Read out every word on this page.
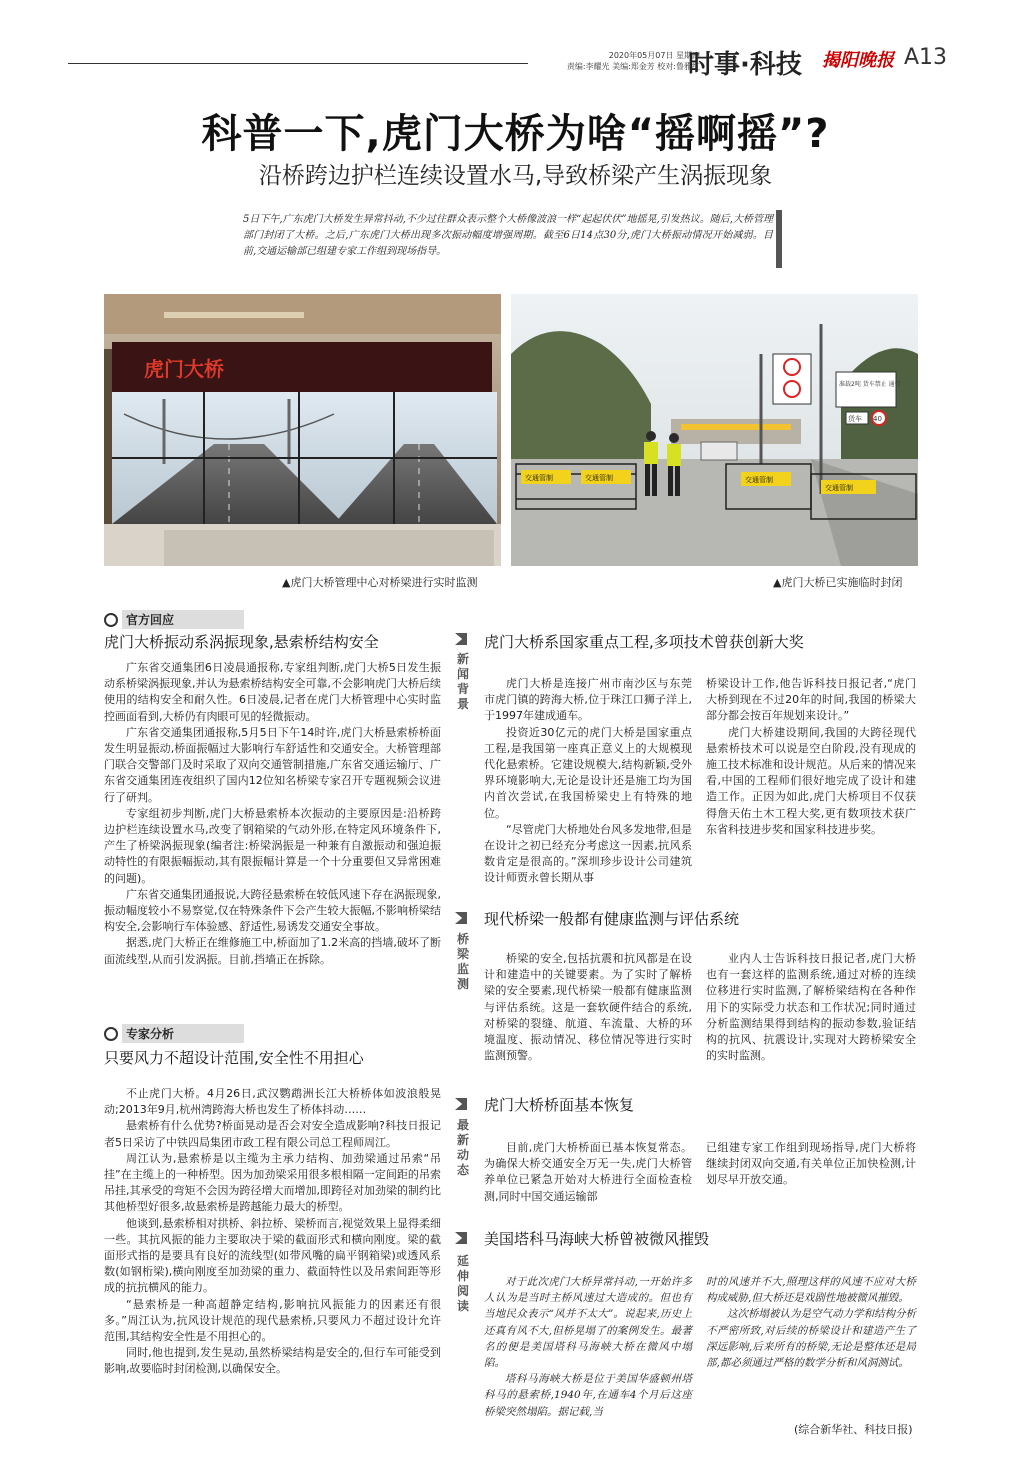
2020年05月07日 星期四
责编:李耀光 美编:郑金芳 校对:鲁雅红
时事·科技 揭阳晚报 A13
科普一下,虎门大桥为啥“摇啊摇”?
沿桥跨边护栏连续设置水马,导致桥梁产生涡振现象
5日下午,广东虎门大桥发生异常抖动,不少过往群众表示整个大桥像波浪一样“起起伏伏”地摇晃,引发热议。随后,大桥管理部门封闭了大桥。之后,广东虎门大桥出现多次振动幅度增强周期。截至6日14点30分,虎门大桥振动情况开始减弱。目前,交通运输部已组建专家工作组到现场指导。
虎门大桥
▲虎门大桥管理中心对桥梁进行实时监测
准载2吨 货车禁止 通行
货车 40
交通管制	交通管制	交通管制
交通管制
▲虎门大桥已实施临时封闭
官方回应
虎门大桥振动系涡振现象,悬索桥结构安全

广东省交通集团6日凌晨通报称,专家组判断,虎门大桥5日发生振动系桥梁涡振现象,并认为悬索桥结构安全可靠,不会影响虎门大桥后续使用的结构安全和耐久性。6日凌晨,记者在虎门大桥管理中心实时监控画面看到,大桥仍有肉眼可见的轻微振动。

广东省交通集团通报称,5月5日下午14时许,虎门大桥悬索桥桥面发生明显振动,桥面振幅过大影响行车舒适性和交通安全。大桥管理部门联合交警部门及时采取了双向交通管制措施,广东省交通运输厅、广东省交通集团连夜组织了国内12位知名桥梁专家召开专题视频会议进行了研判。

专家组初步判断,虎门大桥悬索桥本次振动的主要原因是:沿桥跨边护栏连续设置水马,改变了钢箱梁的气动外形,在特定风环境条件下,产生了桥梁涡振现象(编者注:桥梁涡振是一种兼有自激振动和强迫振动特性的有限振幅振动,其有限振幅计算是一个十分重要但又异常困难的问题)。

广东省交通集团通报说,大跨径悬索桥在较低风速下存在涡振现象,振动幅度较小不易察觉,仅在特殊条件下会产生较大振幅,不影响桥梁结构安全,会影响行车体验感、舒适性,易诱发交通安全事故。

据悉,虎门大桥正在维修施工中,桥面加了1.2米高的挡墙,破坏了断面流线型,从而引发涡振。目前,挡墙正在拆除。

专家分析
只要风力不超设计范围,安全性不用担心

不止虎门大桥。4月26日,武汉鹦鹉洲长江大桥桥体如波浪般晃动;2013年9月,杭州湾跨海大桥也发生了桥体抖动……

悬索桥有什么优势?桥面晃动是否会对安全造成影响?科技日报记者5日采访了中铁四局集团市政工程有限公司总工程师周江。

周江认为,悬索桥是以主缆为主承力结构、加劲梁通过吊索“吊挂”在主缆上的一种桥型。因为加劲梁采用很多根相隔一定间距的吊索吊挂,其承受的弯矩不会因为跨径增大而增加,即跨径对加劲梁的制约比其他桥型好很多,故悬索桥是跨越能力最大的桥型。

他谈到,悬索桥相对拱桥、斜拉桥、梁桥而言,视觉效果上显得柔细一些。其抗风振的能力主要取决于梁的截面形式和横向刚度。梁的截面形式指的是要具有良好的流线型(如带风嘴的扁平钢箱梁)或透风系数(如钢桁梁),横向刚度至加劲梁的重力、截面特性以及吊索间距等形成的抗抗横风的能力。

“悬索桥是一种高超静定结构,影响抗风振能力的因素还有很多。”周江认为,抗风设计规范的现代悬索桥,只要风力不超过设计允许范围,其结构安全性是不用担心的。

同时,他也提到,发生晃动,虽然桥梁结构是安全的,但行车可能受到影响,故要临时封闭检测,以确保安全。

新闻背景
虎门大桥系国家重点工程,多项技术曾获创新大奖

虎门大桥是连接广州市南沙区与东莞市虎门镇的跨海大桥,位于珠江口狮子洋上,于1997年建成通车。

投资近30亿元的虎门大桥是国家重点工程,是我国第一座真正意义上的大规模现代化悬索桥。它建设规模大,结构新颖,受外界环境影响大,无论是设计还是施工均为国内首次尝试,在我国桥梁史上有特殊的地位。

“尽管虎门大桥地处台风多发地带,但是在设计之初已经充分考虑这一因素,抗风系数肯定是很高的。”深圳珍步设计公司建筑设计师贾永曾长期从事

桥梁设计工作,他告诉科技日报记者,“虎门大桥到现在不过20年的时间,我国的桥梁大部分都会按百年规划来设计。”

虎门大桥建设期间,我国的大跨径现代悬索桥技术可以说是空白阶段,没有现成的施工技术标准和设计规范。从后来的情况来看,中国的工程师们很好地完成了设计和建造工作。正因为如此,虎门大桥项目不仅获得詹天佑土木工程大奖,更有数项技术获广东省科技进步奖和国家科技进步奖。

桥梁监测
现代桥梁一般都有健康监测与评估系统

桥梁的安全,包括抗震和抗风都是在设计和建造中的关键要素。为了实时了解桥梁的安全要素,现代桥梁一般都有健康监测与评估系统。这是一套软硬件结合的系统,对桥梁的裂缝、航道、车流量、大桥的环境温度、振动情况、移位情况等进行实时监测预警。

业内人士告诉科技日报记者,虎门大桥也有一套这样的监测系统,通过对桥的连续位移进行实时监测,了解桥梁结构在各种作用下的实际受力状态和工作状况;同时通过分析监测结果得到结构的振动参数,验证结构的抗风、抗震设计,实现对大跨桥梁安全的实时监测。

最新动态
虎门大桥桥面基本恢复

目前,虎门大桥桥面已基本恢复常态。为确保大桥交通安全万无一失,虎门大桥管养单位已紧急开始对大桥进行全面检查检测,同时中国交通运输部

已组建专家工作组到现场指导,虎门大桥将继续封闭双向交通,有关单位正加快检测,计划尽早开放交通。

延伸阅读
美国塔科马海峡大桥曾被微风摧毁

对于此次虎门大桥异常抖动,一开始许多人认为是当时主桥风速过大造成的。但也有当地民众表示“风并不太大”。说起来,历史上还真有风不大,但桥晃塌了的案例发生。最著名的便是美国塔科马海峡大桥在微风中塌陷。

塔科马海峡大桥是位于美国华盛顿州塔科马的悬索桥,1940年,在通车4个月后这座桥梁突然塌陷。据记载,当

时的风速并不大,照理这样的风速不应对大桥构成威胁,但大桥还是戏剧性地被微风摧毁。

这次桥塌被认为是空气动力学和结构分析不严密所致,对后续的桥梁设计和建造产生了深远影响,后来所有的桥梁,无论是整体还是局部,都必须通过严格的数学分析和风洞测试。

(综合新华社、科技日报)
